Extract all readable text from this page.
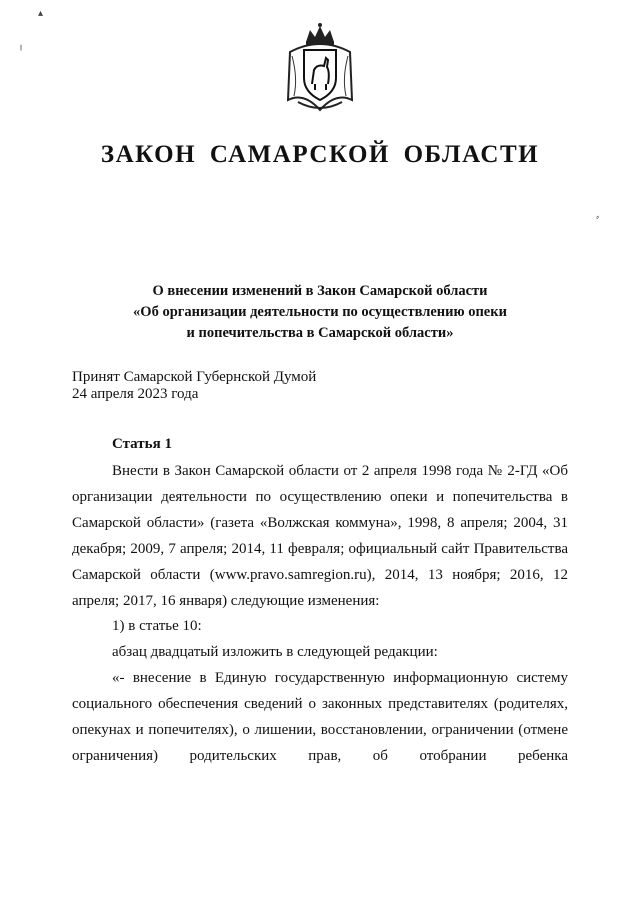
ЗАКОН САМАРСКОЙ ОБЛАСТИ
О внесении изменений в Закон Самарской области
«Об организации деятельности по осуществлению опеки
и попечительства в Самарской области»
Принят Самарской Губернской Думой
24 апреля 2023 года
Статья 1

Внести в Закон Самарской области от 2 апреля 1998 года № 2-ГД «Об организации деятельности по осуществлению опеки и попечительства в Самарской области» (газета «Волжская коммуна», 1998, 8 апреля; 2004, 31 декабря; 2009, 7 апреля; 2014, 11 февраля; официальный сайт Правительства Самарской области (www.pravo.samregion.ru), 2014, 13 ноября; 2016, 12 апреля; 2017, 16 января) следующие изменения:

1) в статье 10:

абзац двадцатый изложить в следующей редакции:

«- внесение в Единую государственную информационную систему социального обеспечения сведений о законных представителях (родителях, опекунах и попечителях), о лишении, восстановлении, ограничении (отмене ограничения) родительских прав, об отобрании ребенка

▴
╷
⸗
